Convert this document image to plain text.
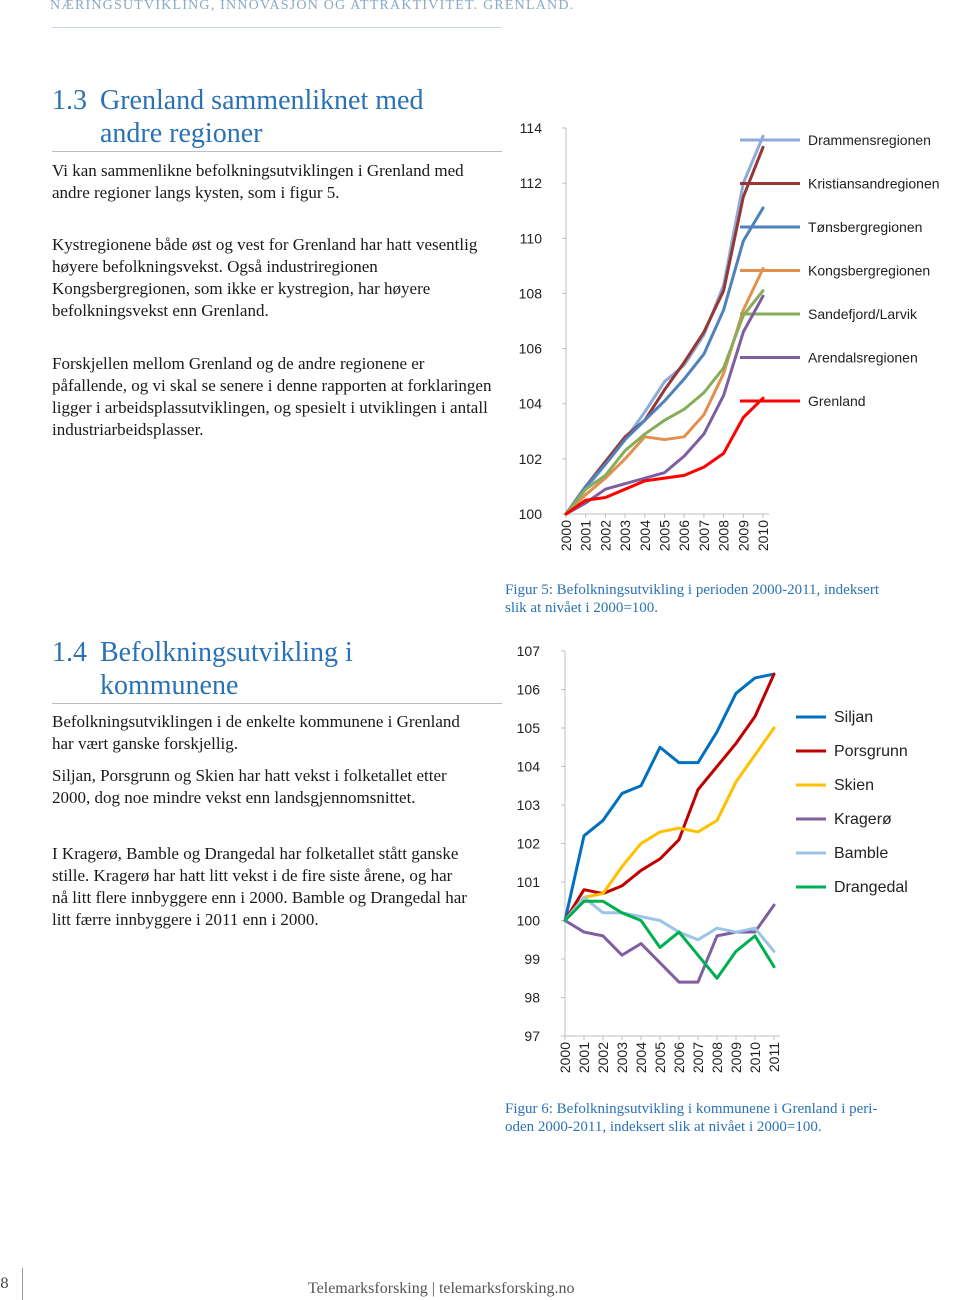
NÆRINGSUTVIKLING, INNOVASJON OG ATTRAKTIVITET. GRENLAND.
1.3 Grenland sammenliknet med
andre regioner

Vi kan sammenlikne befolkningsutviklingen i Grenland med andre regioner langs kysten, som i figur 5.

Kystregionene både øst og vest for Grenland har hatt vesentlig høyere befolkningsvekst. Også industriregionen Kongsbergregionen, som ikke er kystregion, har høyere befolkningsvekst enn Grenland.

Forskjellen mellom Grenland og de andre regionene er påfallende, og vi skal se senere i denne rapporten at forklaringen ligger i arbeidsplassutviklingen, og spesielt i utviklingen i antall industriarbeidsplasser.

100
102
104
106
108
110
112
114
2000 2001 2002 2003 2004 2005 2006 2007 2008 2009 2010
Drammensregionen
Kristiansandregionen
Tønsbergregionen
Kongsbergregionen
Sandefjord/Larvik
Arendalsregionen
Grenland

Figur 5: Befolkningsutvikling i perioden 2000-2011, indeksert
slik at nivået i 2000=100.

1.4 Befolkningsutvikling i
kommunene

Befolkningsutviklingen i de enkelte kommunene i Grenland har vært ganske forskjellig.

Siljan, Porsgrunn og Skien har hatt vekst i folketallet etter 2000, dog noe mindre vekst enn landsgjennomsnittet.

I Kragerø, Bamble og Drangedal har folketallet stått ganske stille. Kragerø har hatt litt vekst i de fire siste årene, og har nå litt flere innbyggere enn i 2000. Bamble og Drangedal har litt færre innbyggere i 2011 enn i 2000.

97
98
99
100
101
102
103
104
105
106
107
2000 2001 2002 2003 2004 2005 2006 2007 2008 2009 2010 2011
Siljan
Porsgrunn
Skien
Kragerø
Bamble
Drangedal

Figur 6: Befolkningsutvikling i kommunene i Grenland i peri-
oden 2000-2011, indeksert slik at nivået i 2000=100.

8	Telemarksforsking | telemarksforsking.no
